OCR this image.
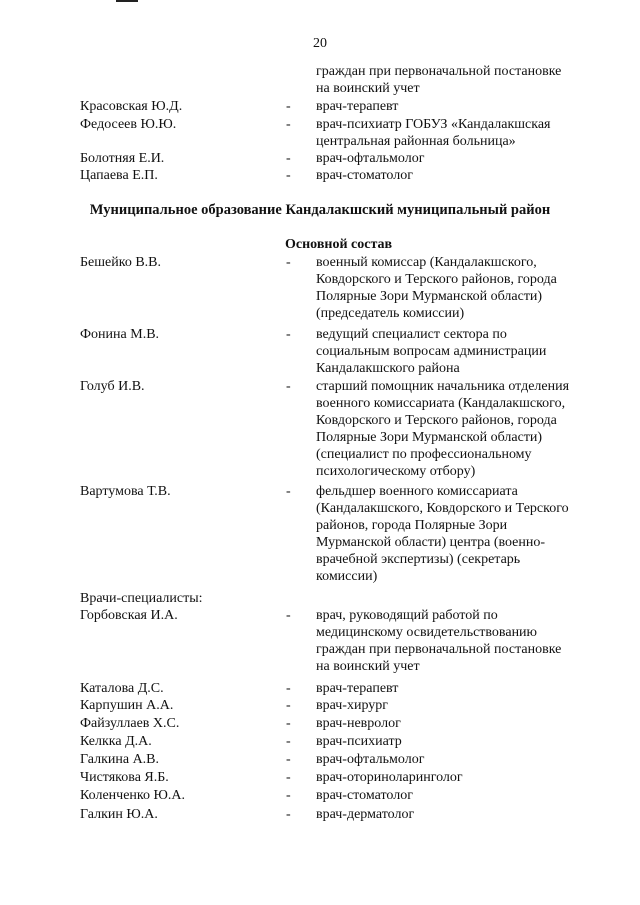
20
граждан при первоначальной постановке
на воинский учет
Красовская Ю.Д.	- врач-терапевт
Федосеев Ю.Ю.	- врач-психиатр ГОБУЗ «Кандалакшская
центральная районная больница»
Болотняя Е.И.	- врач-офтальмолог
Цапаева Е.П.	- врач-стоматолог
Муниципальное образование Кандалакшский муниципальный район
Основной состав
Бешейко В.В.	- военный комиссар (Кандалакшского,
Ковдорского и Терского районов, города
Полярные Зори Мурманской области)
(председатель комиссии)
Фонина М.В.	- ведущий специалист сектора по
социальным вопросам администрации
Кандалакшского района
Голуб И.В.	- старший помощник начальника отделения
военного комиссариата (Кандалакшского,
Ковдорского и Терского районов, города
Полярные Зори Мурманской области)
(специалист по профессиональному
психологическому отбору)
Вартумова Т.В.	- фельдшер военного комиссариата
(Кандалакшского, Ковдорского и Терского
районов, города Полярные Зори
Мурманской области) центра (военно-
врачебной экспертизы) (секретарь
комиссии)
Врачи-специалисты:
Горбовская И.А.	- врач, руководящий работой по
медицинскому освидетельствованию
граждан при первоначальной постановке
на воинский учет
Каталова Д.С.	- врач-терапевт
Карпушин А.А.	- врач-хирург
Файзуллаев Х.С.	- врач-невролог
Келкка Д.А.	- врач-психиатр
Галкина А.В.	- врач-офтальмолог
Чистякова Я.Б.	- врач-оториноларинголог
Коленченко Ю.А.	- врач-стоматолог
Галкин Ю.А.	- врач-дерматолог
